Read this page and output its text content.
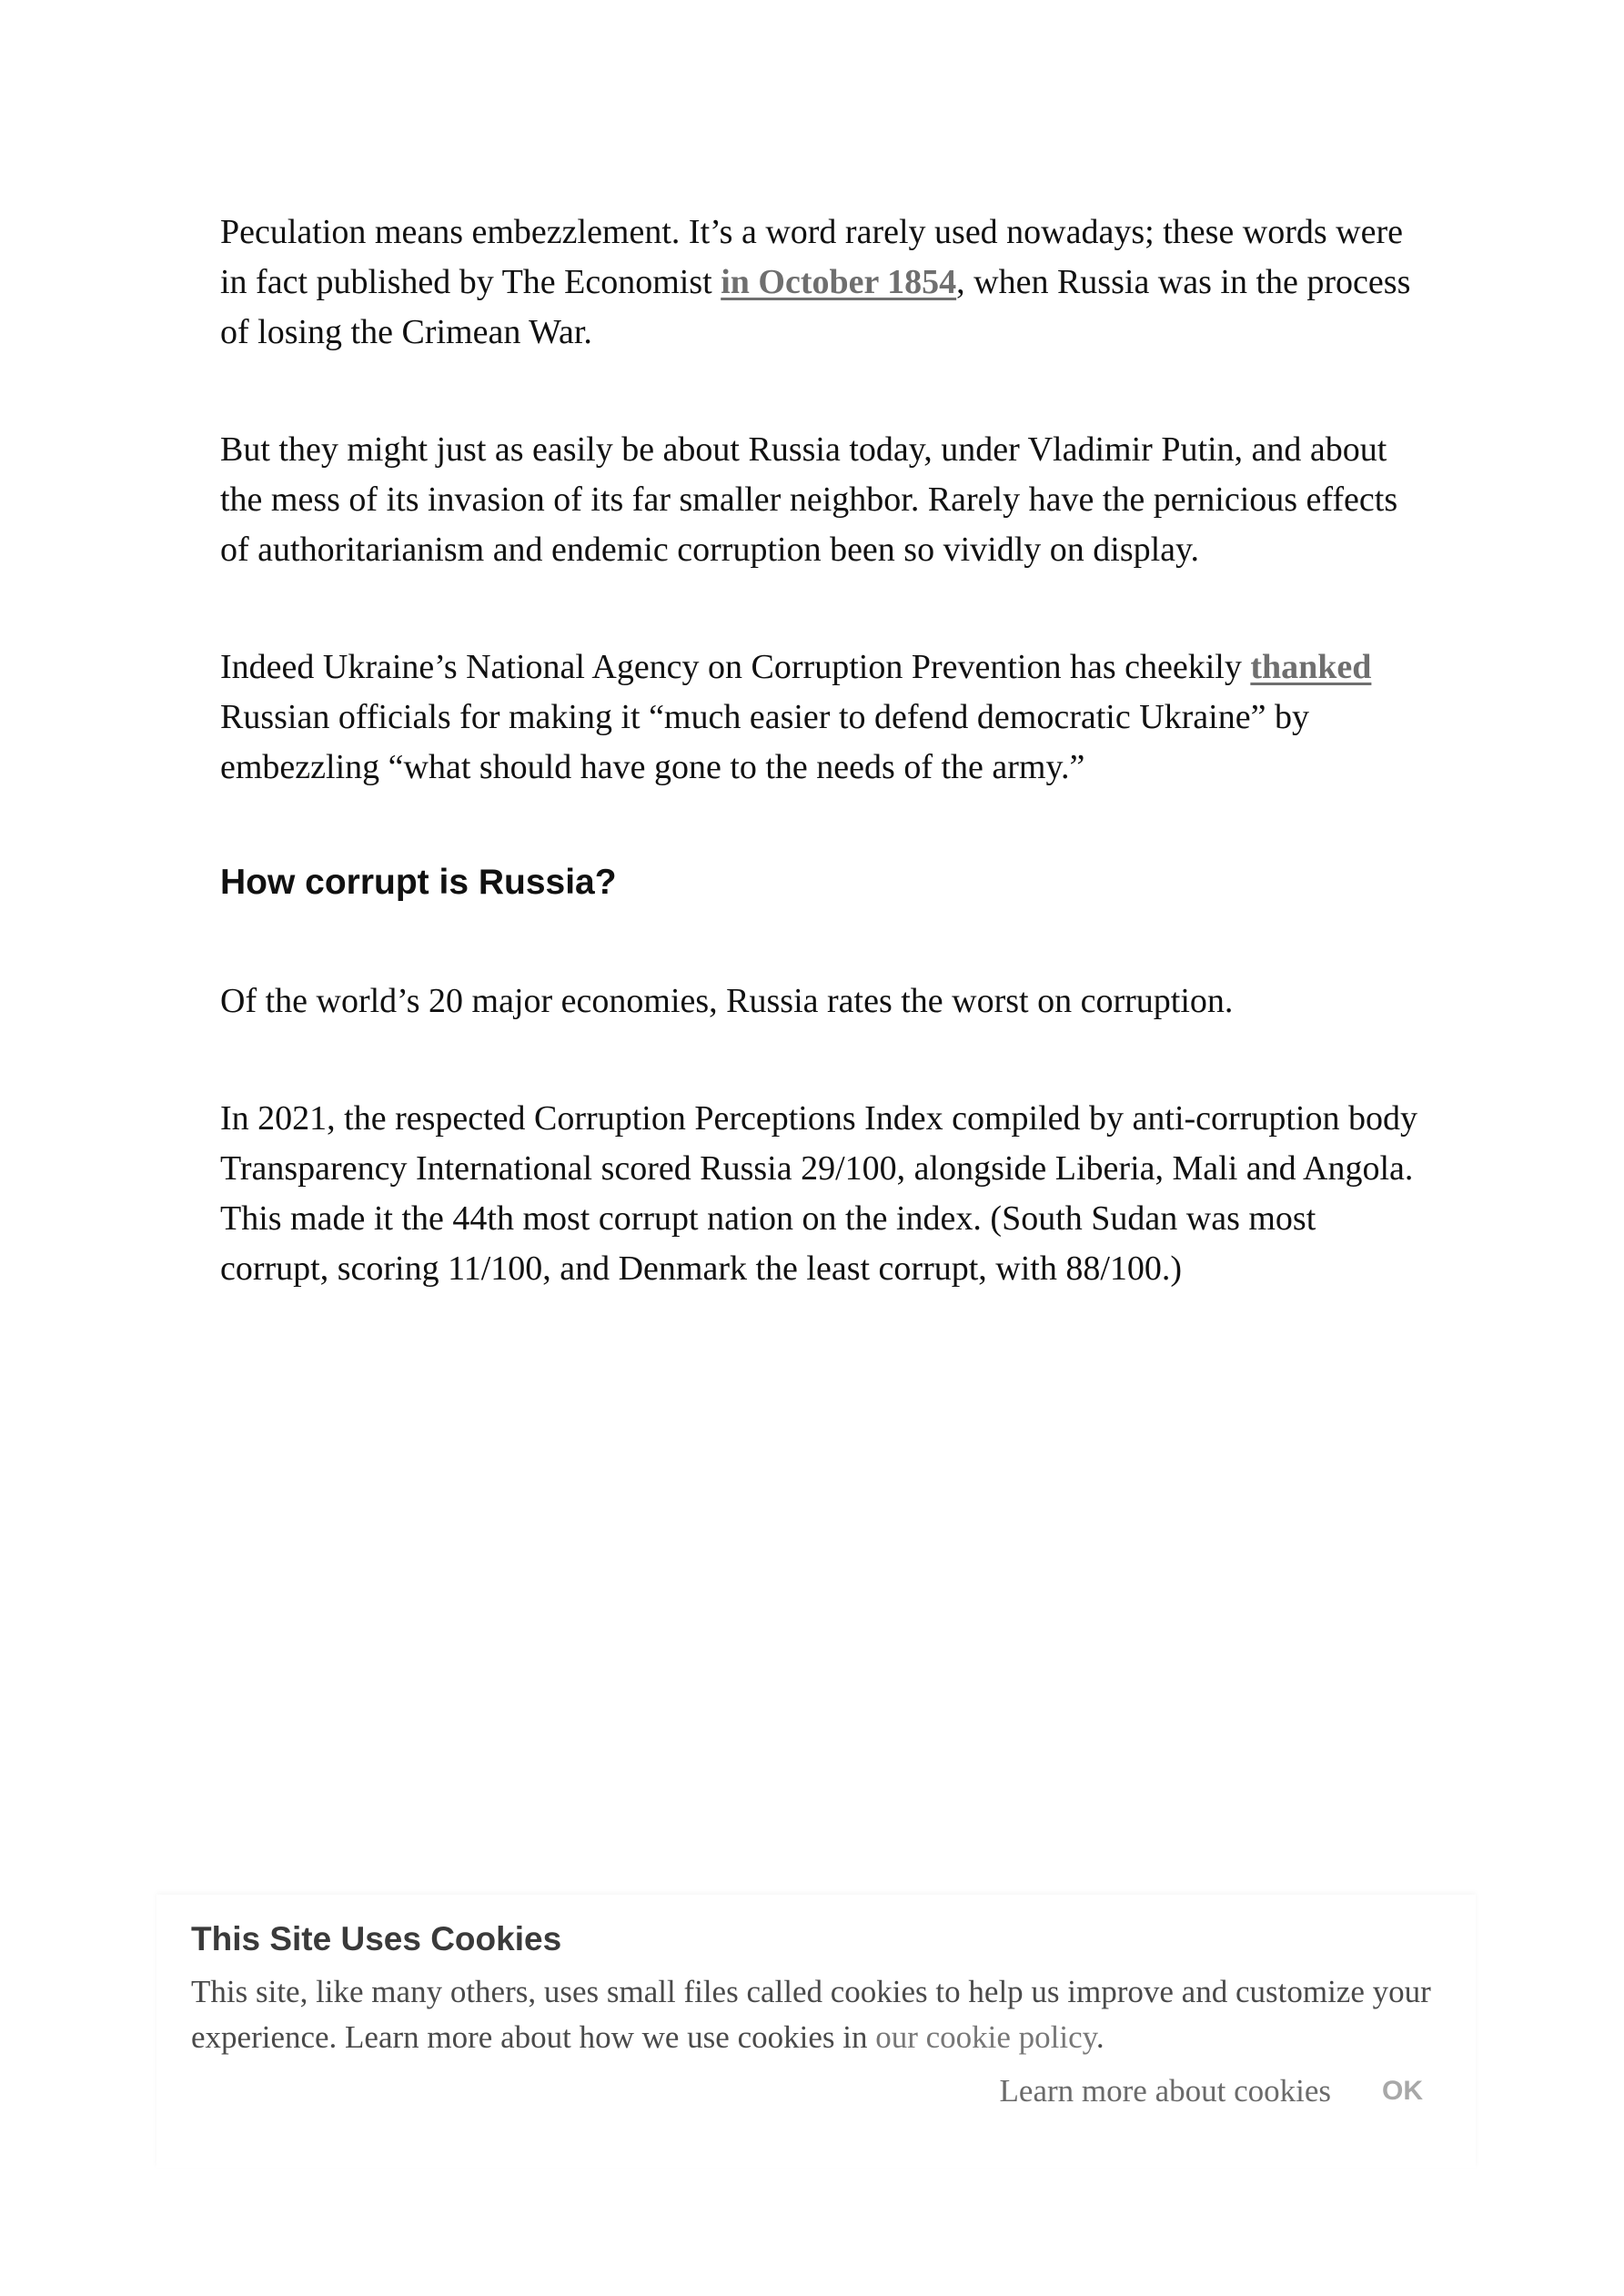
Peculation means embezzlement. It’s a word rarely used nowadays; these words were in fact published by The Economist in October 1854, when Russia was in the process of losing the Crimean War.

But they might just as easily be about Russia today, under Vladimir Putin, and about the mess of its invasion of its far smaller neighbor. Rarely have the pernicious effects of authoritarianism and endemic corruption been so vividly on display.

Indeed Ukraine’s National Agency on Corruption Prevention has cheekily thanked Russian officials for making it “much easier to defend democratic Ukraine” by embezzling “what should have gone to the needs of the army.”

How corrupt is Russia?

Of the world’s 20 major economies, Russia rates the worst on corruption.

In 2021, the respected Corruption Perceptions Index compiled by anti-corruption body Transparency International scored Russia 29/100, alongside Liberia, Mali and Angola. This made it the 44th most corrupt nation on the index. (South Sudan was most corrupt, scoring 11/100, and Denmark the least corrupt, with 88/100.)

This Site Uses Cookies

This site, like many others, uses small files called cookies to help us improve and customize your experience. Learn more about how we use cookies in our cookie policy.

Learn more about cookies OK
